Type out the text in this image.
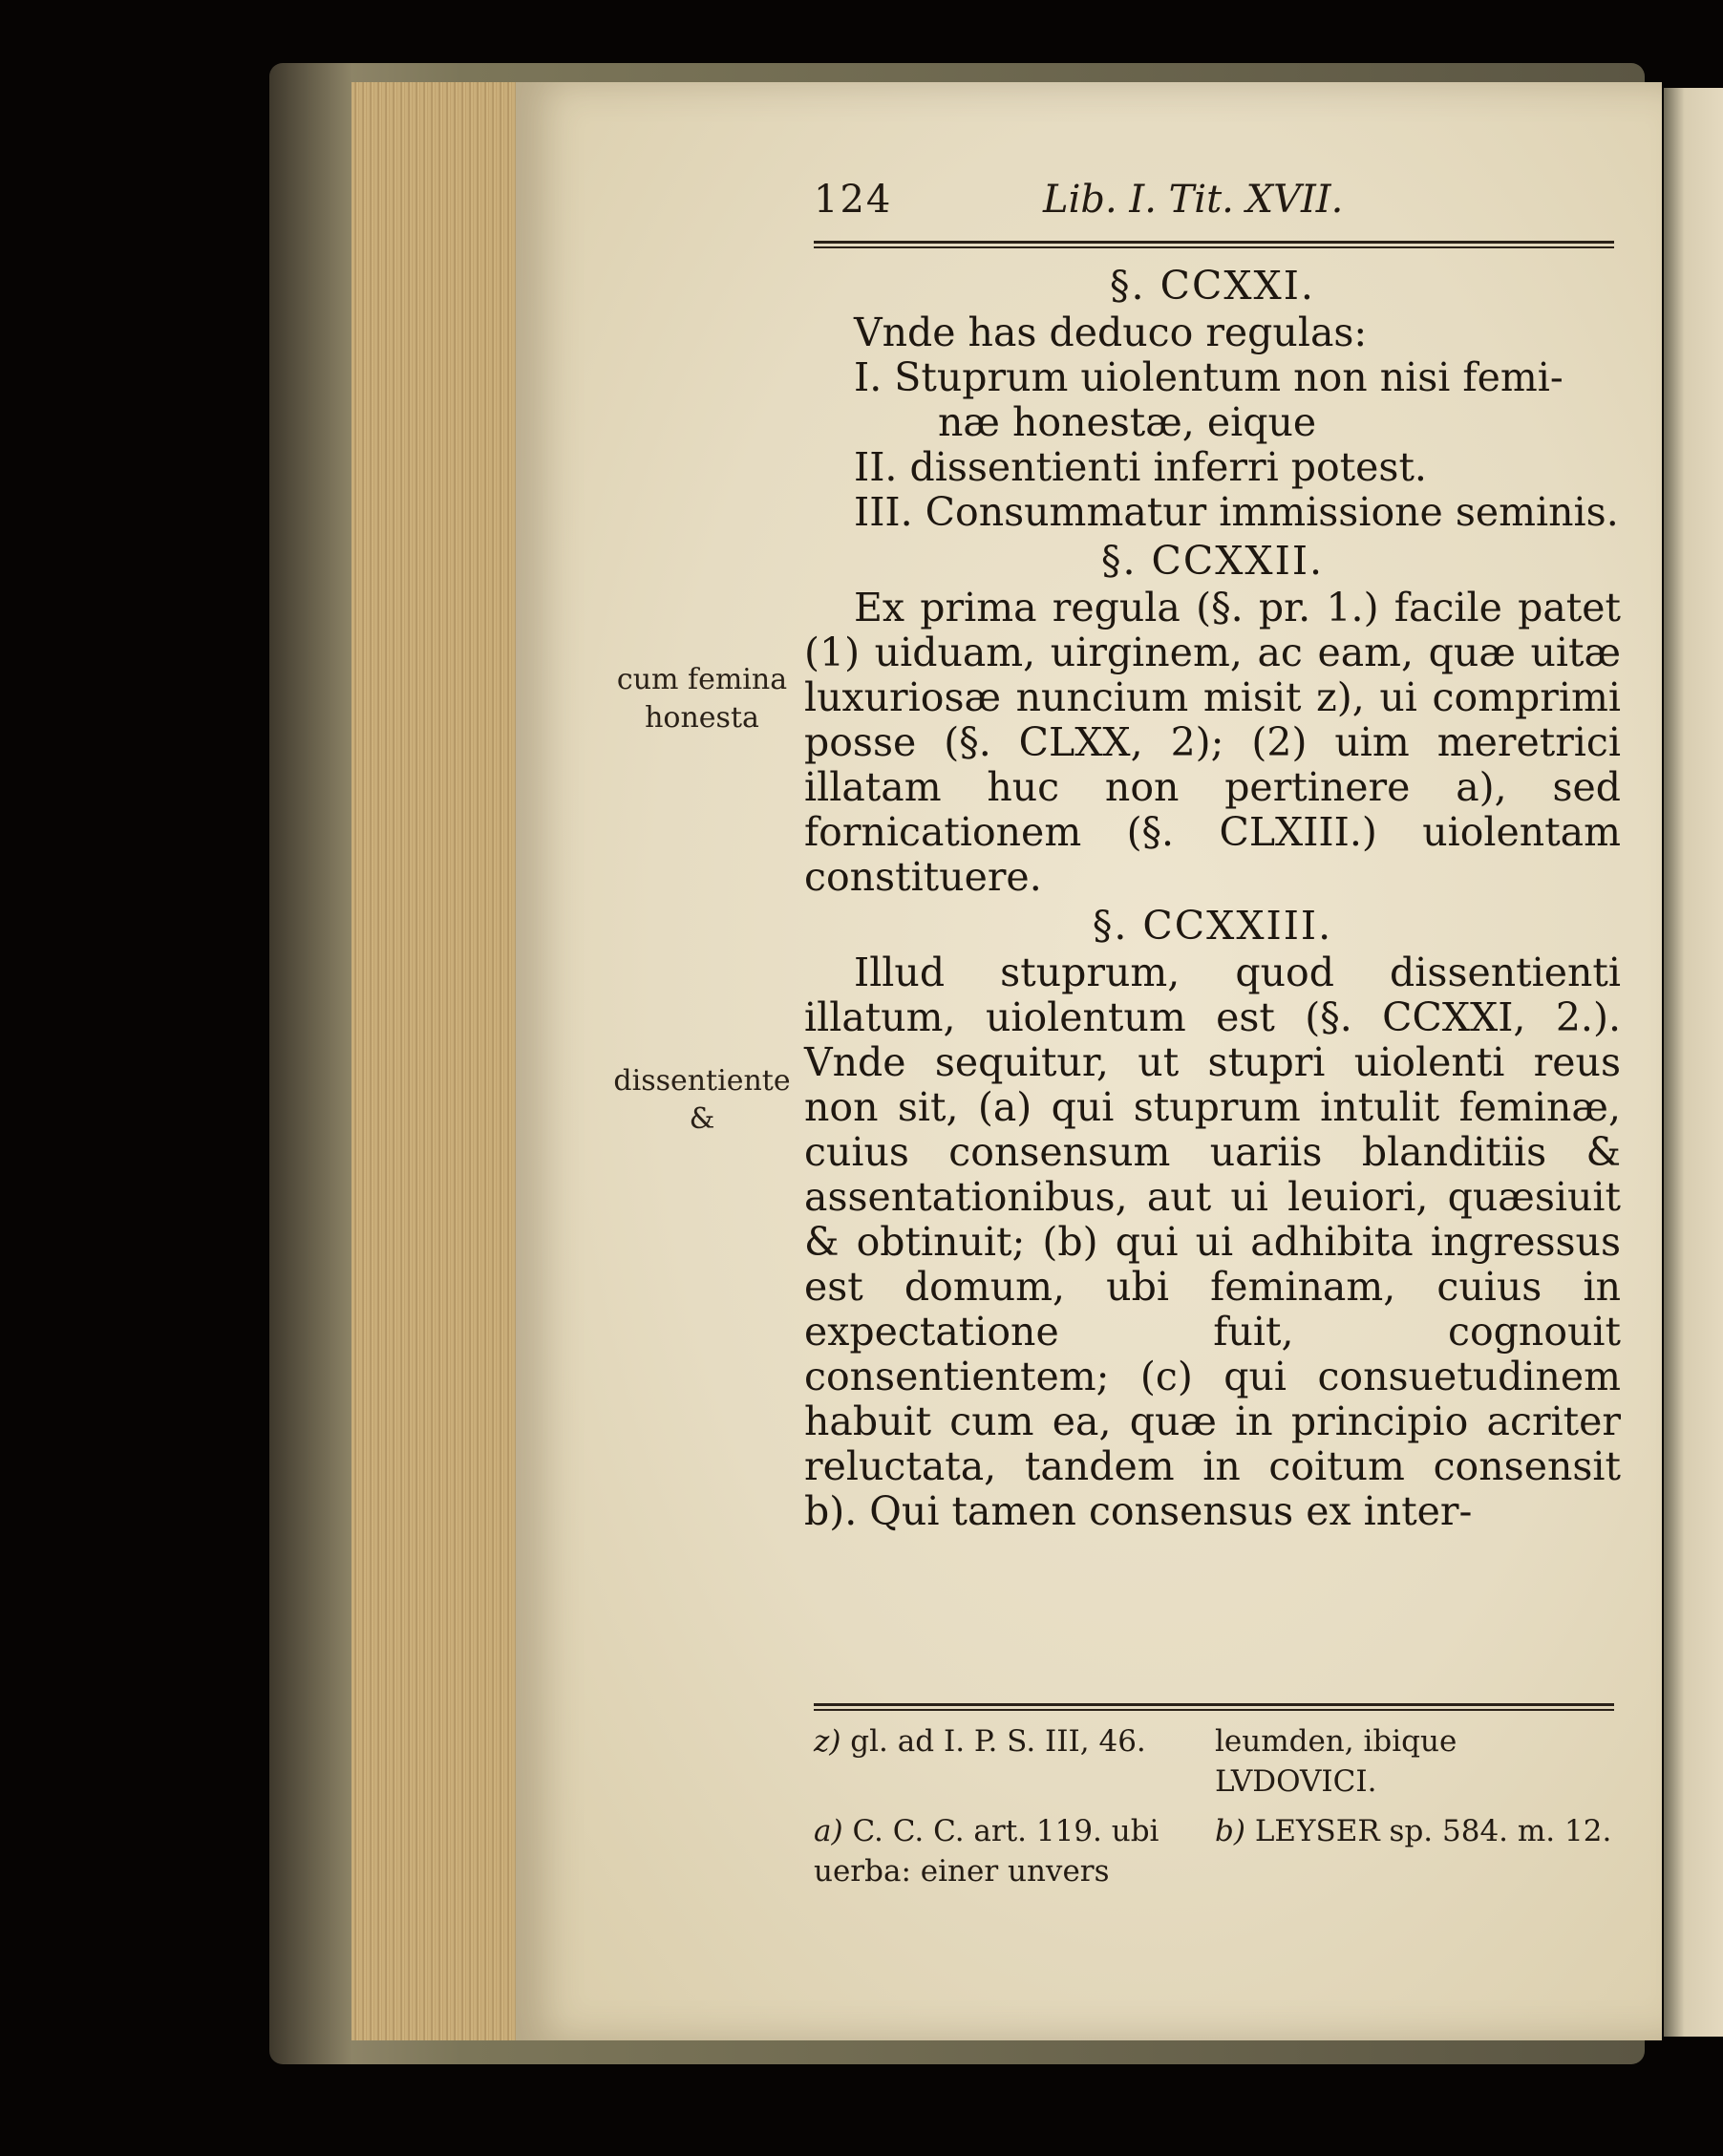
124	Lib. I. Tit. XVII.
§. CCXXI.

Vnde has deduco regulas:

I. Stuprum uiolentum non nisi femi-
næ honestæ, eique
II. dissentienti inferri potest.
III. Consummatur immissione seminis.
§. CCXXII.

Ex prima regula (§. pr. 1.) facile patet (1) uiduam, uirginem, ac eam, quæ uitæ luxuriosæ nuncium misit z), ui comprimi posse (§. CLXX, 2); (2) uim meretrici illatam huc non pertinere a), sed fornicationem (§. CLXIII.) uiolentam constituere.

§. CCXXIII.

Illud stuprum, quod dissentienti illatum, uiolentum est (§. CCXXI, 2.). Vnde sequitur, ut stupri uiolenti reus non sit, (a) qui stuprum intulit feminæ, cuius consensum uariis blanditiis & assentationibus, aut ui leuiori, quæsiuit & obtinuit; (b) qui ui adhibita ingressus est domum, ubi feminam, cuius in expectatione fuit, cognouit consentientem; (c) qui consuetudinem habuit cum ea, quæ in principio acriter reluctata, tandem in coitum consensit b). Qui tamen consensus ex inter-

cum femina honesta
dissentiente &
z) gl. ad I. P. S. III, 46.	leumden, ibique LVDOVICI.
a) C. C. C. art. 119. ubi uerba: einer unvers
b) LEYSER sp. 584. m. 12.
